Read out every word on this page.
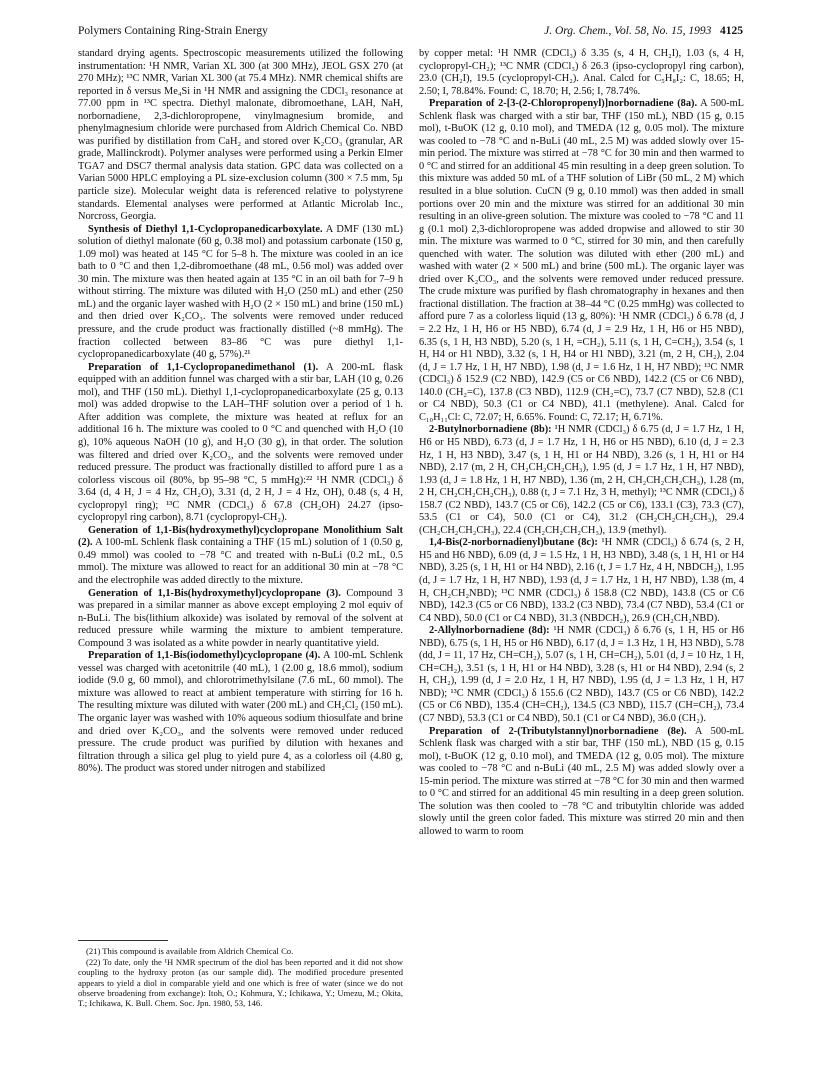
Polymers Containing Ring-Strain Energy	J. Org. Chem., Vol. 58, No. 15, 1993 4125

standard drying agents. Spectroscopic measurements utilized the following instrumentation: ¹H NMR, Varian XL 300 (at 300 MHz), JEOL GSX 270 (at 270 MHz); ¹³C NMR, Varian XL 300 (at 75.4 MHz). NMR chemical shifts are reported in δ versus Me₄Si in ¹H NMR and assigning the CDCl₃ resonance at 77.00 ppm in ¹³C spectra. Diethyl malonate, dibromoethane, LAH, NaH, norbornadiene, 2,3-dichloropropene, vinylmagnesium bromide, and phenylmagnesium chloride were purchased from Aldrich Chemical Co. NBD was purified by distillation from CaH₂ and stored over K₂CO₃ (granular, AR grade, Mallinckrodt). Polymer analyses were performed using a Perkin Elmer TGA7 and DSC7 thermal analysis data station. GPC data was collected on a Varian 5000 HPLC employing a PL size-exclusion column (300 × 7.5 mm, 5μ particle size). Molecular weight data is referenced relative to polystyrene standards. Elemental analyses were performed at Atlantic Microlab Inc., Norcross, Georgia.

Synthesis of Diethyl 1,1-Cyclopropanedicarboxylate. A DMF (130 mL) solution of diethyl malonate (60 g, 0.38 mol) and potassium carbonate (150 g, 1.09 mol) was heated at 145 °C for 5–8 h. The mixture was cooled in an ice bath to 0 °C and then 1,2-dibromoethane (48 mL, 0.56 mol) was added over 30 min. The mixture was then heated again at 135 °C in an oil bath for 7–9 h without stirring. The mixture was diluted with H₂O (250 mL) and ether (250 mL) and the organic layer washed with H₂O (2 × 150 mL) and brine (150 mL) and then dried over K₂CO₃. The solvents were removed under reduced pressure, and the crude product was fractionally distilled (~8 mmHg). The fraction collected between 83–86 °C was pure diethyl 1,1-cyclopropanedicarboxylate (40 g, 57%).²¹

Preparation of 1,1-Cyclopropanedimethanol (1). A 200-mL flask equipped with an addition funnel was charged with a stir bar, LAH (10 g, 0.26 mol), and THF (150 mL). Diethyl 1,1-cyclopropanedicarboxylate (25 g, 0.13 mol) was added dropwise to the LAH–THF solution over a period of 1 h. After addition was complete, the mixture was heated at reflux for an additional 16 h. The mixture was cooled to 0 °C and quenched with H₂O (10 g), 10% aqueous NaOH (10 g), and H₂O (30 g), in that order. The solution was filtered and dried over K₂CO₃, and the solvents were removed under reduced pressure. The product was fractionally distilled to afford pure 1 as a colorless viscous oil (80%, bp 95–98 °C, 5 mmHg):²² ¹H NMR (CDCl₃) δ 3.64 (d, 4 H, J = 4 Hz, CH₂O), 3.31 (d, 2 H, J = 4 Hz, OH), 0.48 (s, 4 H, cyclopropyl ring); ¹³C NMR (CDCl₃) δ 67.8 (CH₂OH) 24.27 (ipso-cyclopropyl ring carbon), 8.71 (cyclopropyl-CH₂).

Generation of 1,1-Bis(hydroxymethyl)cyclopropane Monolithium Salt (2). A 100-mL Schlenk flask containing a THF (15 mL) solution of 1 (0.50 g, 0.49 mmol) was cooled to −78 °C and treated with n-BuLi (0.2 mL, 0.5 mmol). The mixture was allowed to react for an additional 30 min at −78 °C and the electrophile was added directly to the mixture.

Generation of 1,1-Bis(hydroxymethyl)cyclopropane (3). Compound 3 was prepared in a similar manner as above except employing 2 mol equiv of n-BuLi. The bis(lithium alkoxide) was isolated by removal of the solvent at reduced pressure while warming the mixture to ambient temperature. Compound 3 was isolated as a white powder in nearly quantitative yield.

Preparation of 1,1-Bis(iodomethyl)cyclopropane (4). A 100-mL Schlenk vessel was charged with acetonitrile (40 mL), 1 (2.00 g, 18.6 mmol), sodium iodide (9.0 g, 60 mmol), and chlorotrimethylsilane (7.6 mL, 60 mmol). The mixture was allowed to react at ambient temperature with stirring for 16 h. The resulting mixture was diluted with water (200 mL) and CH₂Cl₂ (150 mL). The organic layer was washed with 10% aqueous sodium thiosulfate and brine and dried over K₂CO₃, and the solvents were removed under reduced pressure. The crude product was purified by dilution with hexanes and filtration through a silica gel plug to yield pure 4, as a colorless oil (4.80 g, 80%). The product was stored under nitrogen and stabilized

(21) This compound is available from Aldrich Chemical Co.

(22) To date, only the ¹H NMR spectrum of the diol has been reported and it did not show coupling to the hydroxy proton (as our sample did). The modified procedure presented appears to yield a diol in comparable yield and one which is free of water (since we do not observe broadening from exchange): Itoh, O.; Kohmura, Y.; Ichikawa, Y.; Umezu, M.; Okita, T.; Ichikawa, K. Bull. Chem. Soc. Jpn. 1980, 53, 146.

by copper metal: ¹H NMR (CDCl₃) δ 3.35 (s, 4 H, CH₂I), 1.03 (s, 4 H, cyclopropyl-CH₂); ¹³C NMR (CDCl₃) δ 26.3 (ipso-cyclopropyl ring carbon), 23.0 (CH₂I), 19.5 (cyclopropyl-CH₂). Anal. Calcd for C₅H₈I₂: C, 18.65; H, 2.50; I, 78.84%. Found: C, 18.70; H, 2.56; I, 78.74%.

Preparation of 2-[3-(2-Chloropropenyl)]norbornadiene (8a). A 500-mL Schlenk flask was charged with a stir bar, THF (150 mL), NBD (15 g, 0.15 mol), t-BuOK (12 g, 0.10 mol), and TMEDA (12 g, 0.05 mol). The mixture was cooled to −78 °C and n-BuLi (40 mL, 2.5 M) was added slowly over 15-min period. The mixture was stirred at −78 °C for 30 min and then warmed to 0 °C and stirred for an additional 45 min resulting in a deep green solution. To this mixture was added 50 mL of a THF solution of LiBr (50 mL, 2 M) which resulted in a blue solution. CuCN (9 g, 0.10 mmol) was then added in small portions over 20 min and the mixture was stirred for an additional 30 min resulting in an olive-green solution. The mixture was cooled to −78 °C and 11 g (0.1 mol) 2,3-dichloropropene was added dropwise and allowed to stir 30 min. The mixture was warmed to 0 °C, stirred for 30 min, and then carefully quenched with water. The solution was diluted with ether (200 mL) and washed with water (2 × 500 mL) and brine (500 mL). The organic layer was dried over K₂CO₃, and the solvents were removed under reduced pressure. The crude mixture was purified by flash chromatography in hexanes and then fractional distillation. The fraction at 38–44 °C (0.25 mmHg) was collected to afford pure 7 as a colorless liquid (13 g, 80%): ¹H NMR (CDCl₃) δ 6.78 (d, J = 2.2 Hz, 1 H, H6 or H5 NBD), 6.74 (d, J = 2.9 Hz, 1 H, H6 or H5 NBD), 6.35 (s, 1 H, H3 NBD), 5.20 (s, 1 H, =CH₂), 5.11 (s, 1 H, C=CH₂), 3.54 (s, 1 H, H4 or H1 NBD), 3.32 (s, 1 H, H4 or H1 NBD), 3.21 (m, 2 H, CH₂), 2.04 (d, J = 1.7 Hz, 1 H, H7 NBD), 1.98 (d, J = 1.6 Hz, 1 H, H7 NBD); ¹³C NMR (CDCl₃) δ 152.9 (C2 NBD), 142.9 (C5 or C6 NBD), 142.2 (C5 or C6 NBD), 140.0 (CH₂=C), 137.8 (C3 NBD), 112.9 (CH₂=C), 73.7 (C7 NBD), 52.8 (C1 or C4 NBD), 50.3 (C1 or C4 NBD), 41.1 (methylene). Anal. Calcd for C₁₀H₁₁Cl: C, 72.07; H, 6.65%. Found: C, 72.17; H, 6.71%.

2-Butylnorbornadiene (8b): ¹H NMR (CDCl₃) δ 6.75 (d, J = 1.7 Hz, 1 H, H6 or H5 NBD), 6.73 (d, J = 1.7 Hz, 1 H, H6 or H5 NBD), 6.10 (d, J = 2.3 Hz, 1 H, H3 NBD), 3.47 (s, 1 H, H1 or H4 NBD), 3.26 (s, 1 H, H1 or H4 NBD), 2.17 (m, 2 H, CH₂CH₂CH₂CH₃), 1.95 (d, J = 1.7 Hz, 1 H, H7 NBD), 1.93 (d, J = 1.8 Hz, 1 H, H7 NBD), 1.36 (m, 2 H, CH₂CH₂CH₂CH₃), 1.28 (m, 2 H, CH₂CH₂CH₂CH₃), 0.88 (t, J = 7.1 Hz, 3 H, methyl); ¹³C NMR (CDCl₃) δ 158.7 (C2 NBD), 143.7 (C5 or C6), 142.2 (C5 or C6), 133.1 (C3), 73.3 (C7), 53.5 (C1 or C4), 50.0 (C1 or C4), 31.2 (CH₂CH₂CH₂CH₃), 29.4 (CH₂CH₂CH₂CH₃), 22.4 (CH₂CH₂CH₂CH₃), 13.9 (methyl).

1,4-Bis(2-norbornadienyl)butane (8c): ¹H NMR (CDCl₃) δ 6.74 (s, 2 H, H5 and H6 NBD), 6.09 (d, J = 1.5 Hz, 1 H, H3 NBD), 3.48 (s, 1 H, H1 or H4 NBD), 3.25 (s, 1 H, H1 or H4 NBD), 2.16 (t, J = 1.7 Hz, 4 H, NBDCH₂), 1.95 (d, J = 1.7 Hz, 1 H, H7 NBD), 1.93 (d, J = 1.7 Hz, 1 H, H7 NBD), 1.38 (m, 4 H, CH₂CH₂NBD); ¹³C NMR (CDCl₃) δ 158.8 (C2 NBD), 143.8 (C5 or C6 NBD), 142.3 (C5 or C6 NBD), 133.2 (C3 NBD), 73.4 (C7 NBD), 53.4 (C1 or C4 NBD), 50.0 (C1 or C4 NBD), 31.3 (NBDCH₂), 26.9 (CH₂CH₂NBD).

2-Allylnorbornadiene (8d): ¹H NMR (CDCl₃) δ 6.76 (s, 1 H, H5 or H6 NBD), 6.75 (s, 1 H, H5 or H6 NBD), 6.17 (d, J = 1.3 Hz, 1 H, H3 NBD), 5.78 (dd, J = 11, 17 Hz, CH=CH₂), 5.07 (s, 1 H, CH=CH₂), 5.01 (d, J = 10 Hz, 1 H, CH=CH₂), 3.51 (s, 1 H, H1 or H4 NBD), 3.28 (s, H1 or H4 NBD), 2.94 (s, 2 H, CH₂), 1.99 (d, J = 2.0 Hz, 1 H, H7 NBD), 1.95 (d, J = 1.3 Hz, 1 H, H7 NBD); ¹³C NMR (CDCl₃) δ 155.6 (C2 NBD), 143.7 (C5 or C6 NBD), 142.2 (C5 or C6 NBD), 135.4 (CH=CH₂), 134.5 (C3 NBD), 115.7 (CH=CH₂), 73.4 (C7 NBD), 53.3 (C1 or C4 NBD), 50.1 (C1 or C4 NBD), 36.0 (CH₂).

Preparation of 2-(Tributylstannyl)norbornadiene (8e). A 500-mL Schlenk flask was charged with a stir bar, THF (150 mL), NBD (15 g, 0.15 mol), t-BuOK (12 g, 0.10 mol), and TMEDA (12 g, 0.05 mol). The mixture was cooled to −78 °C and n-BuLi (40 mL, 2.5 M) was added slowly over a 15-min period. The mixture was stirred at −78 °C for 30 min and then warmed to 0 °C and stirred for an additional 45 min resulting in a deep green solution. The solution was then cooled to −78 °C and tributyltin chloride was added slowly until the green color faded. This mixture was stirred 20 min and then allowed to warm to room
